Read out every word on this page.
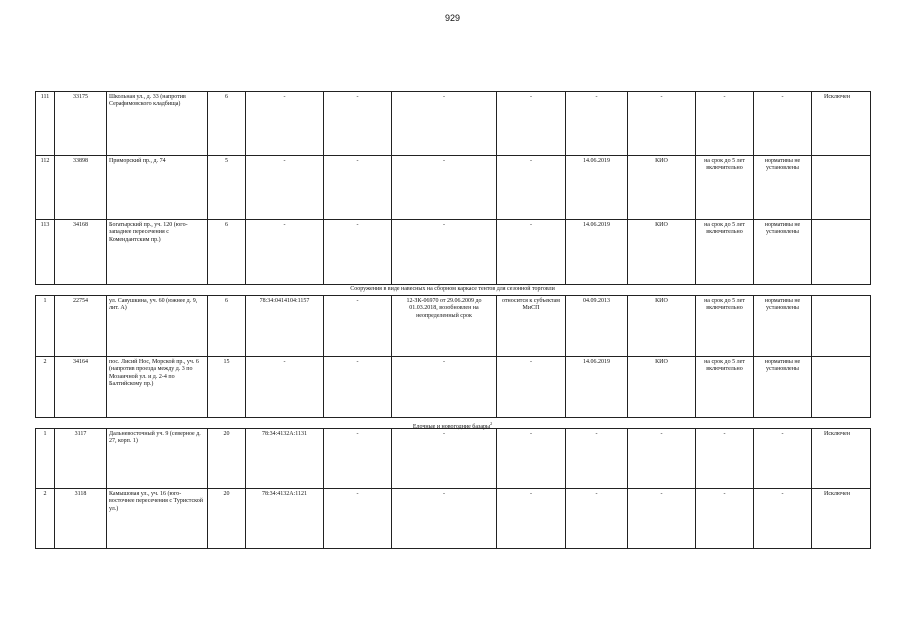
929
111	33175	Школьная ул., д. 33 (напротив Серафимовского кладбища)	6	-	-	-	-	-	-	-	-	Исключен
112	33898	Приморский пр., д. 74	5	-	-	-	-	14.06.2019	КИО	на срок до 5 лет включительно	нормативы не установлены	
113	34168	Богатырский пр., уч. 120 (юго-западнее пересечения с Комендантским пр.)	6	-	-	-	-	14.06.2019	КИО	на срок до 5 лет включительно	нормативы не установлены	
Сооружения в виде навесных на сборном каркасе тентов для сезонной торговли
1	22754	ул. Савушкина, уч. 60 (южнее д. 9, лит. А)	6	78:34:0414104:1157	-	12-ЗК-06970 от 29.06.2009 до 01.03.2018, возобновлен на неопределенный срок	относится к субъектам МиСП	04.09.2013	КИО	на срок до 5 лет включительно	нормативы не установлены	
2	34164	пос. Лисий Нос, Морской пр., уч. 6 (напротив проезда между д. 3 по Мозаичной ул. и д. 2-4 по Балтийскому пр.)	15	-	-	-	-	14.06.2019	КИО	на срок до 5 лет включительно	нормативы не установлены	
Елочные и новогодние базары$^2$
1	3117	Дальневосточный уч. 9 (северное д. 27, корп. 1)	20	78:34:4132А:1131	-	-	-	-	-	-	-	Исключен
2	3118	Камышовая ул., уч. 16 (юго-восточнее пересечения с Туристской ул.)	20	78:34:4132А:1121	-	-	-	-	-	-	-	Исключен
